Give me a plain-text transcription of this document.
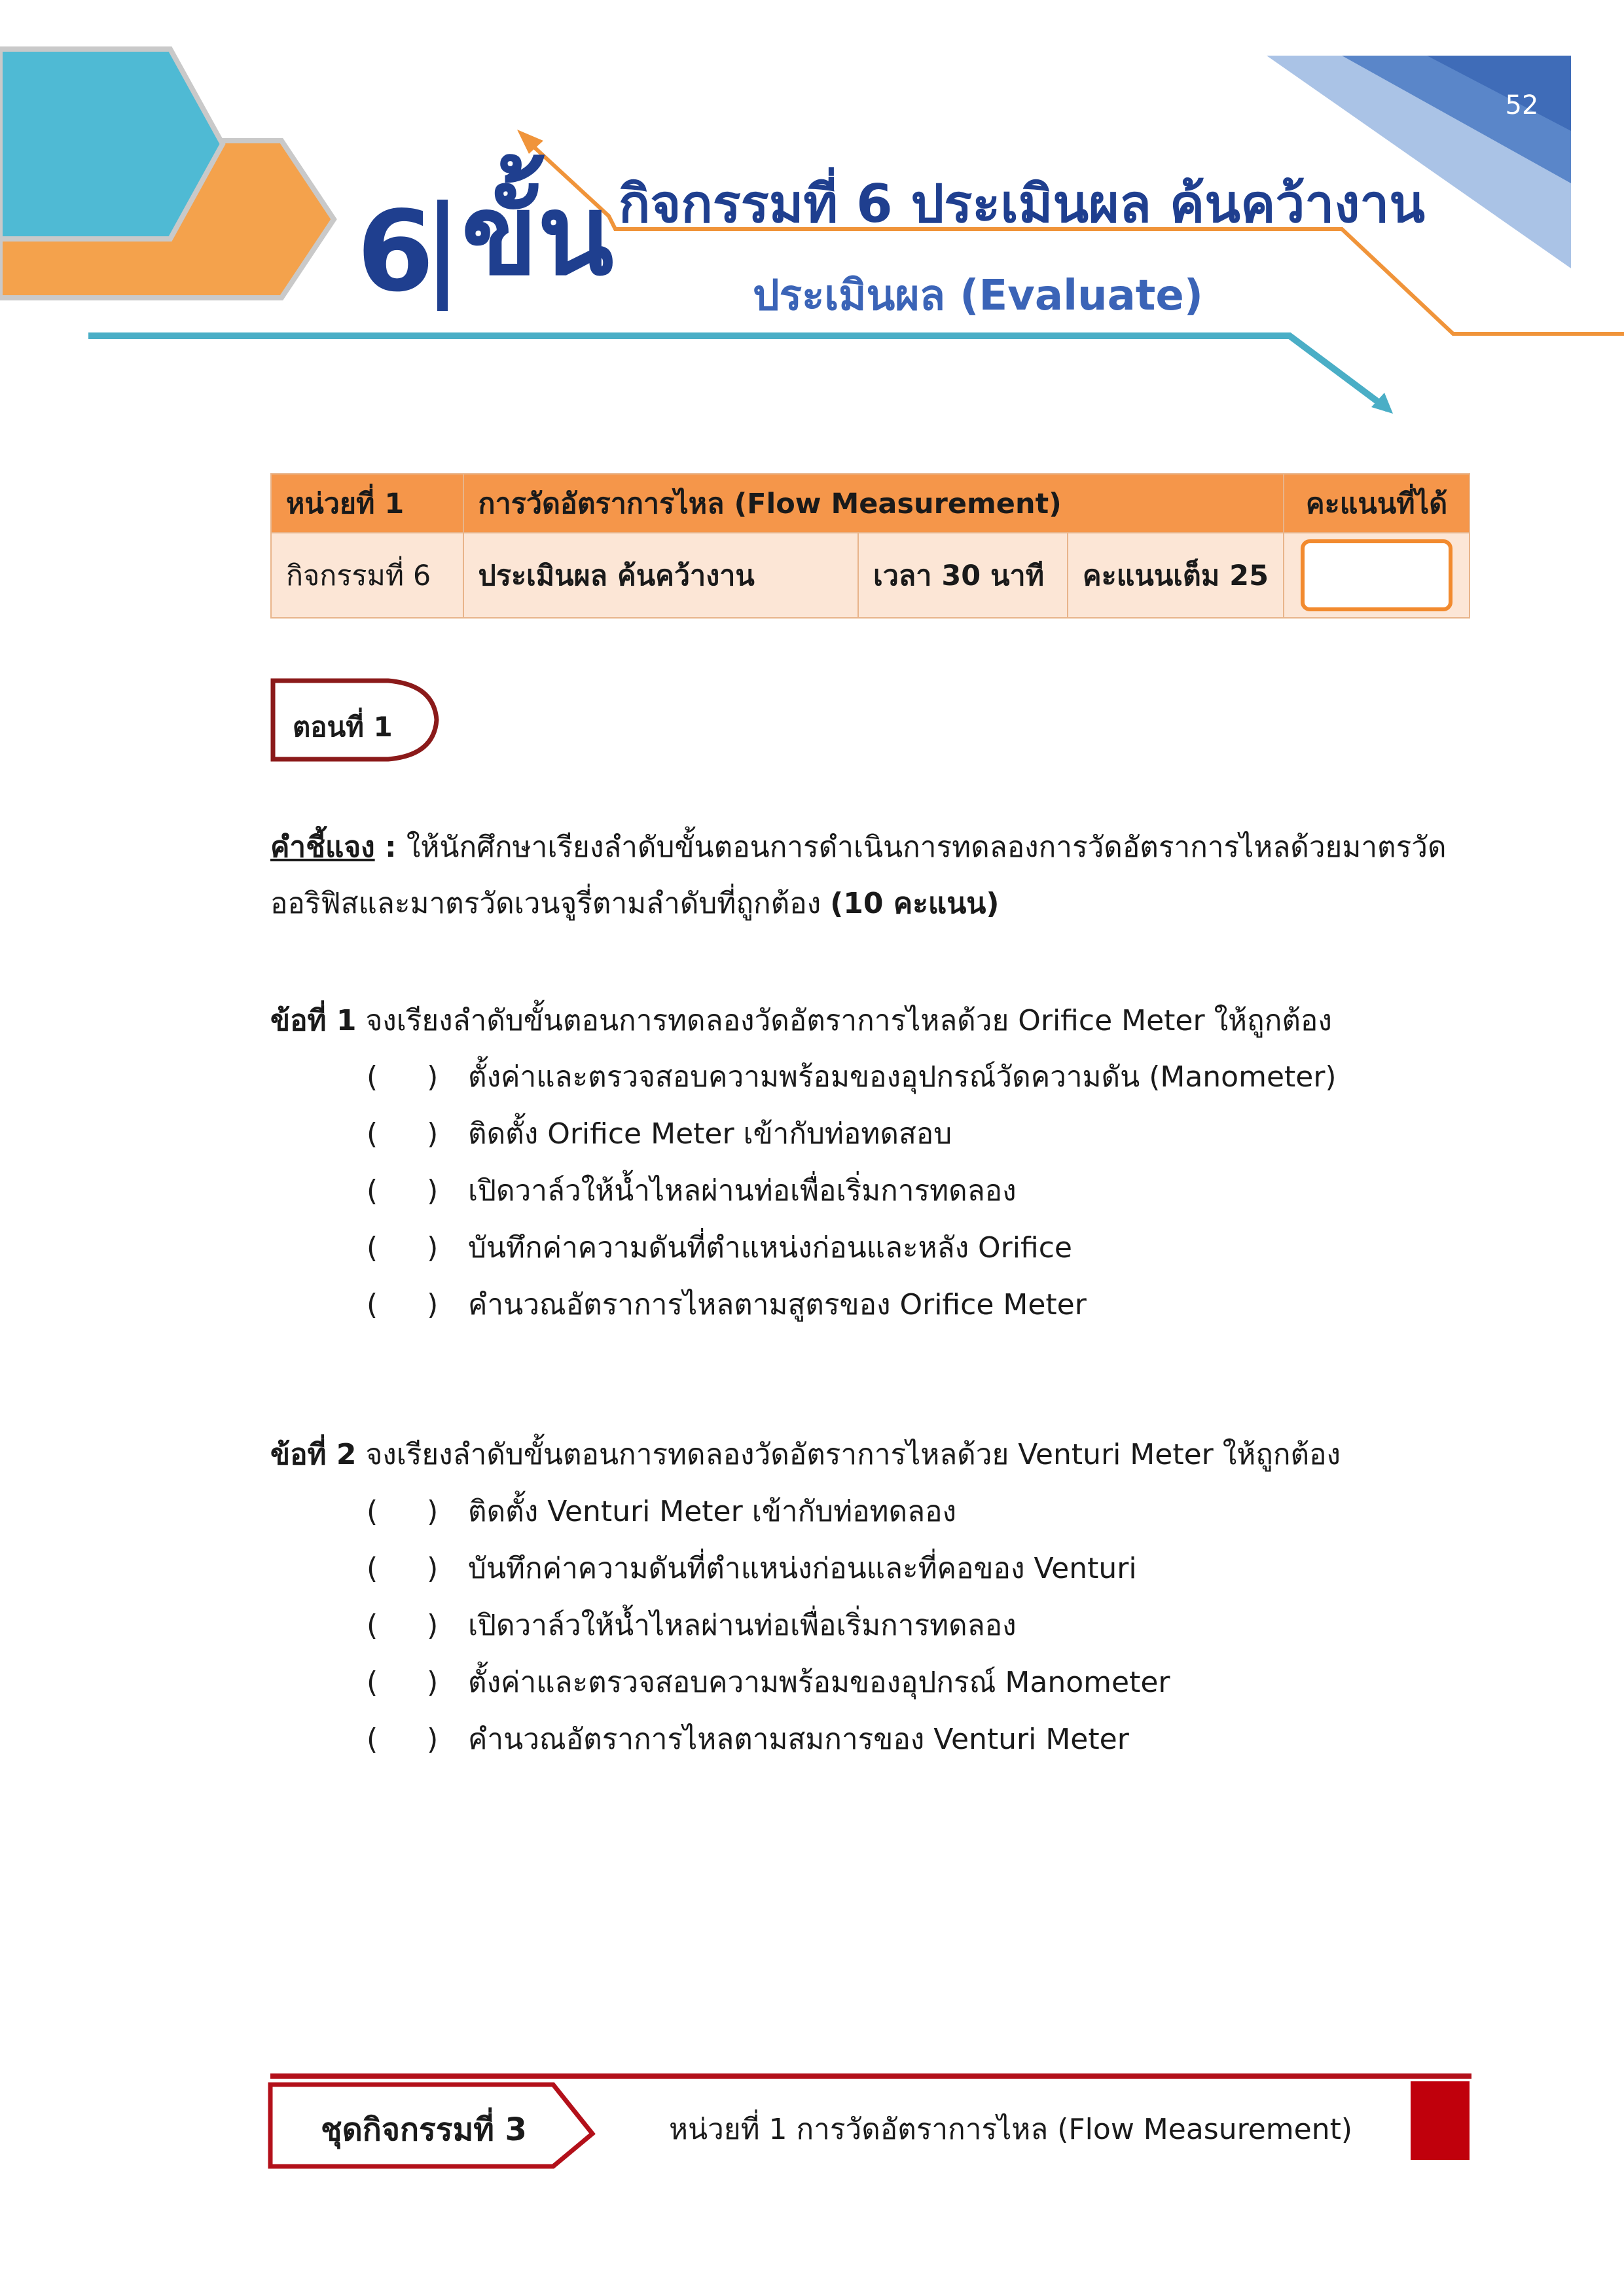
52
6 ขั้น กิจกรรมที่ 6 ประเมินผล ค้นคว้างาน
ประเมินผล (Evaluate)
หน่วยที่ 1	การวัดอัตราการไหล (Flow Measurement)			คะแนนที่ได้
กิจกรรมที่ 6	ประเมินผล ค้นคว้างาน	เวลา 30 นาที	คะแนนเต็ม 25	
ตอนที่ 1
คำชี้แจง : ให้นักศึกษาเรียงลำดับขั้นตอนการดำเนินการทดลองการวัดอัตราการไหลด้วยมาตรวัดออริฟิสและมาตรวัดเวนจูรี่ตามลำดับที่ถูกต้อง (10 คะแนน)
ข้อที่ 1 จงเรียงลำดับขั้นตอนการทดลองวัดอัตราการไหลด้วย Orifice Meter ให้ถูกต้อง
( ) ตั้งค่าและตรวจสอบความพร้อมของอุปกรณ์วัดความดัน (Manometer)
( ) ติดตั้ง Orifice Meter เข้ากับท่อทดสอบ
( ) เปิดวาล์วให้น้ำไหลผ่านท่อเพื่อเริ่มการทดลอง
( ) บันทึกค่าความดันที่ตำแหน่งก่อนและหลัง Orifice
( ) คำนวณอัตราการไหลตามสูตรของ Orifice Meter
ข้อที่ 2 จงเรียงลำดับขั้นตอนการทดลองวัดอัตราการไหลด้วย Venturi Meter ให้ถูกต้อง
( ) ติดตั้ง Venturi Meter เข้ากับท่อทดลอง
( ) บันทึกค่าความดันที่ตำแหน่งก่อนและที่คอของ Venturi
( ) เปิดวาล์วให้น้ำไหลผ่านท่อเพื่อเริ่มการทดลอง
( ) ตั้งค่าและตรวจสอบความพร้อมของอุปกรณ์ Manometer
( ) คำนวณอัตราการไหลตามสมการของ Venturi Meter
ชุดกิจกรรมที่ 3	หน่วยที่ 1 การวัดอัตราการไหล (Flow Measurement)
